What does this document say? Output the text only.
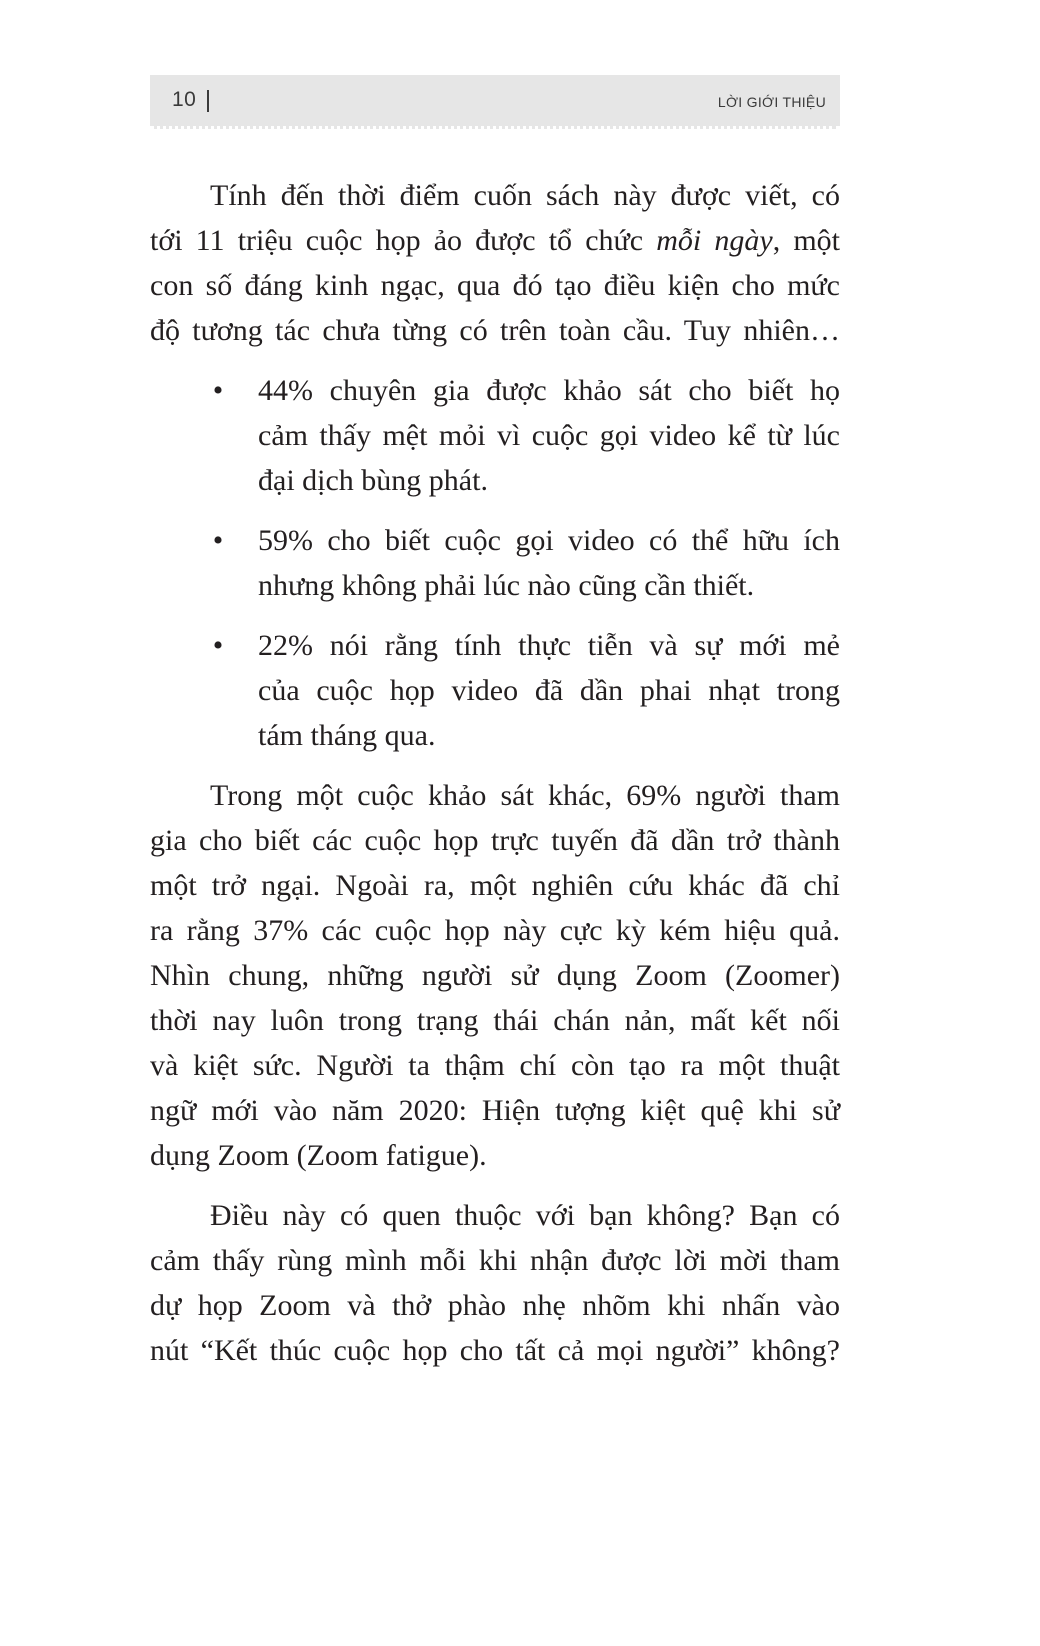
10	LỜI GIỚI THIỆU

Tính đến thời điểm cuốn sách này được viết, có
tới 11 triệu cuộc họp ảo được tổ chức mỗi ngày, một
con số đáng kinh ngạc, qua đó tạo điều kiện cho mức
độ tương tác chưa từng có trên toàn cầu. Tuy nhiên…

• 44% chuyên gia được khảo sát cho biết họ
cảm thấy mệt mỏi vì cuộc gọi video kể từ lúc
đại dịch bùng phát.
• 59% cho biết cuộc gọi video có thể hữu ích
nhưng không phải lúc nào cũng cần thiết.
• 22% nói rằng tính thực tiễn và sự mới mẻ
của cuộc họp video đã dần phai nhạt trong
tám tháng qua.

Trong một cuộc khảo sát khác, 69% người tham
gia cho biết các cuộc họp trực tuyến đã dần trở thành
một trở ngại. Ngoài ra, một nghiên cứu khác đã chỉ
ra rằng 37% các cuộc họp này cực kỳ kém hiệu quả.
Nhìn chung, những người sử dụng Zoom (Zoomer)
thời nay luôn trong trạng thái chán nản, mất kết nối
và kiệt sức. Người ta thậm chí còn tạo ra một thuật
ngữ mới vào năm 2020: Hiện tượng kiệt quệ khi sử
dụng Zoom (Zoom fatigue).

Điều này có quen thuộc với bạn không? Bạn có
cảm thấy rùng mình mỗi khi nhận được lời mời tham
dự họp Zoom và thở phào nhẹ nhõm khi nhấn vào
nút “Kết thúc cuộc họp cho tất cả mọi người” không?
